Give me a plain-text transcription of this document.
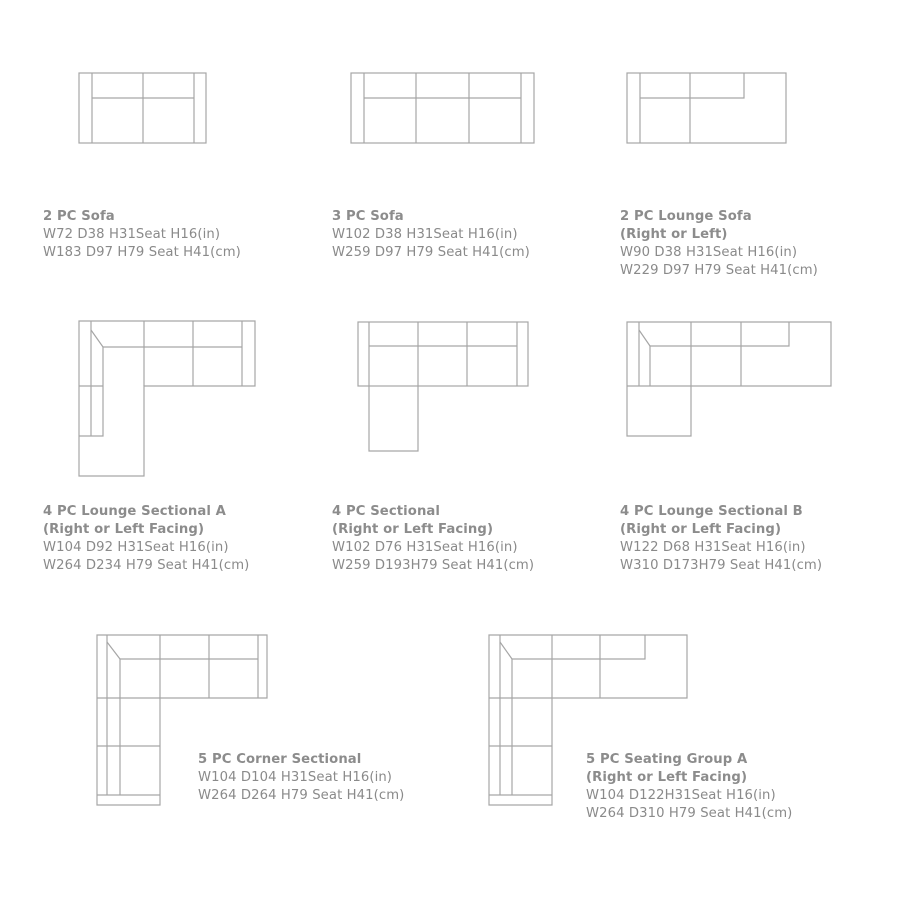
2 PC Sofa
W72 D38 H31Seat H16(in)
W183 D97 H79 Seat H41(cm)
3 PC Sofa
W102 D38 H31Seat H16(in)
W259 D97 H79 Seat H41(cm)
2 PC Lounge Sofa
(Right or Left)
W90 D38 H31Seat H16(in)
W229 D97 H79 Seat H41(cm)
4 PC Lounge Sectional A
(Right or Left Facing)
W104 D92 H31Seat H16(in)
W264 D234 H79 Seat H41(cm)
4 PC Sectional
(Right or Left Facing)
W102 D76 H31Seat H16(in)
W259 D193H79 Seat H41(cm)
4 PC Lounge Sectional B
(Right or Left Facing)
W122 D68 H31Seat H16(in)
W310 D173H79 Seat H41(cm)
5 PC Corner Sectional
W104 D104 H31Seat H16(in)
W264 D264 H79 Seat H41(cm)
5 PC Seating Group A
(Right or Left Facing)
W104 D122H31Seat H16(in)
W264 D310 H79 Seat H41(cm)
